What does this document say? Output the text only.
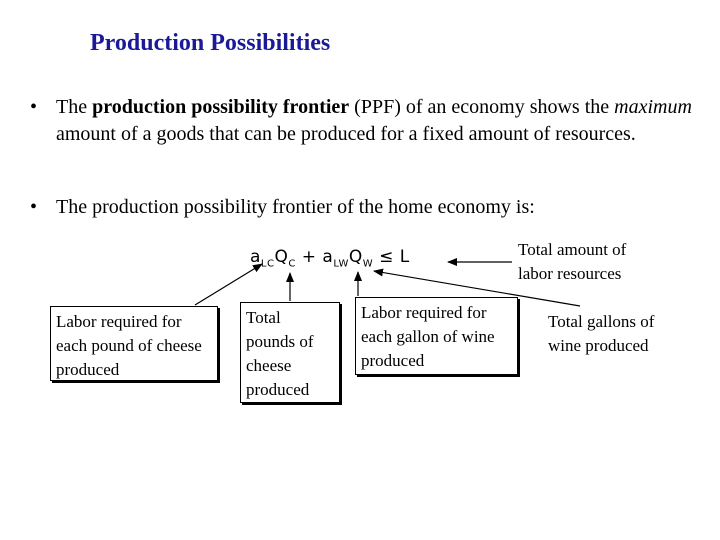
Production Possibilities
• The production possibility frontier (PPF) of an economy shows the maximum amount of a goods that can be produced for a fixed amount of resources.
• The production possibility frontier of the home economy is:
$a_{LC}Q_C + a_{LW}Q_W \le L$
Labor required for each pound of cheese produced
Total pounds of cheese produced
Labor required for each gallon of wine produced
Total amount of labor resources
Total gallons of wine produced
